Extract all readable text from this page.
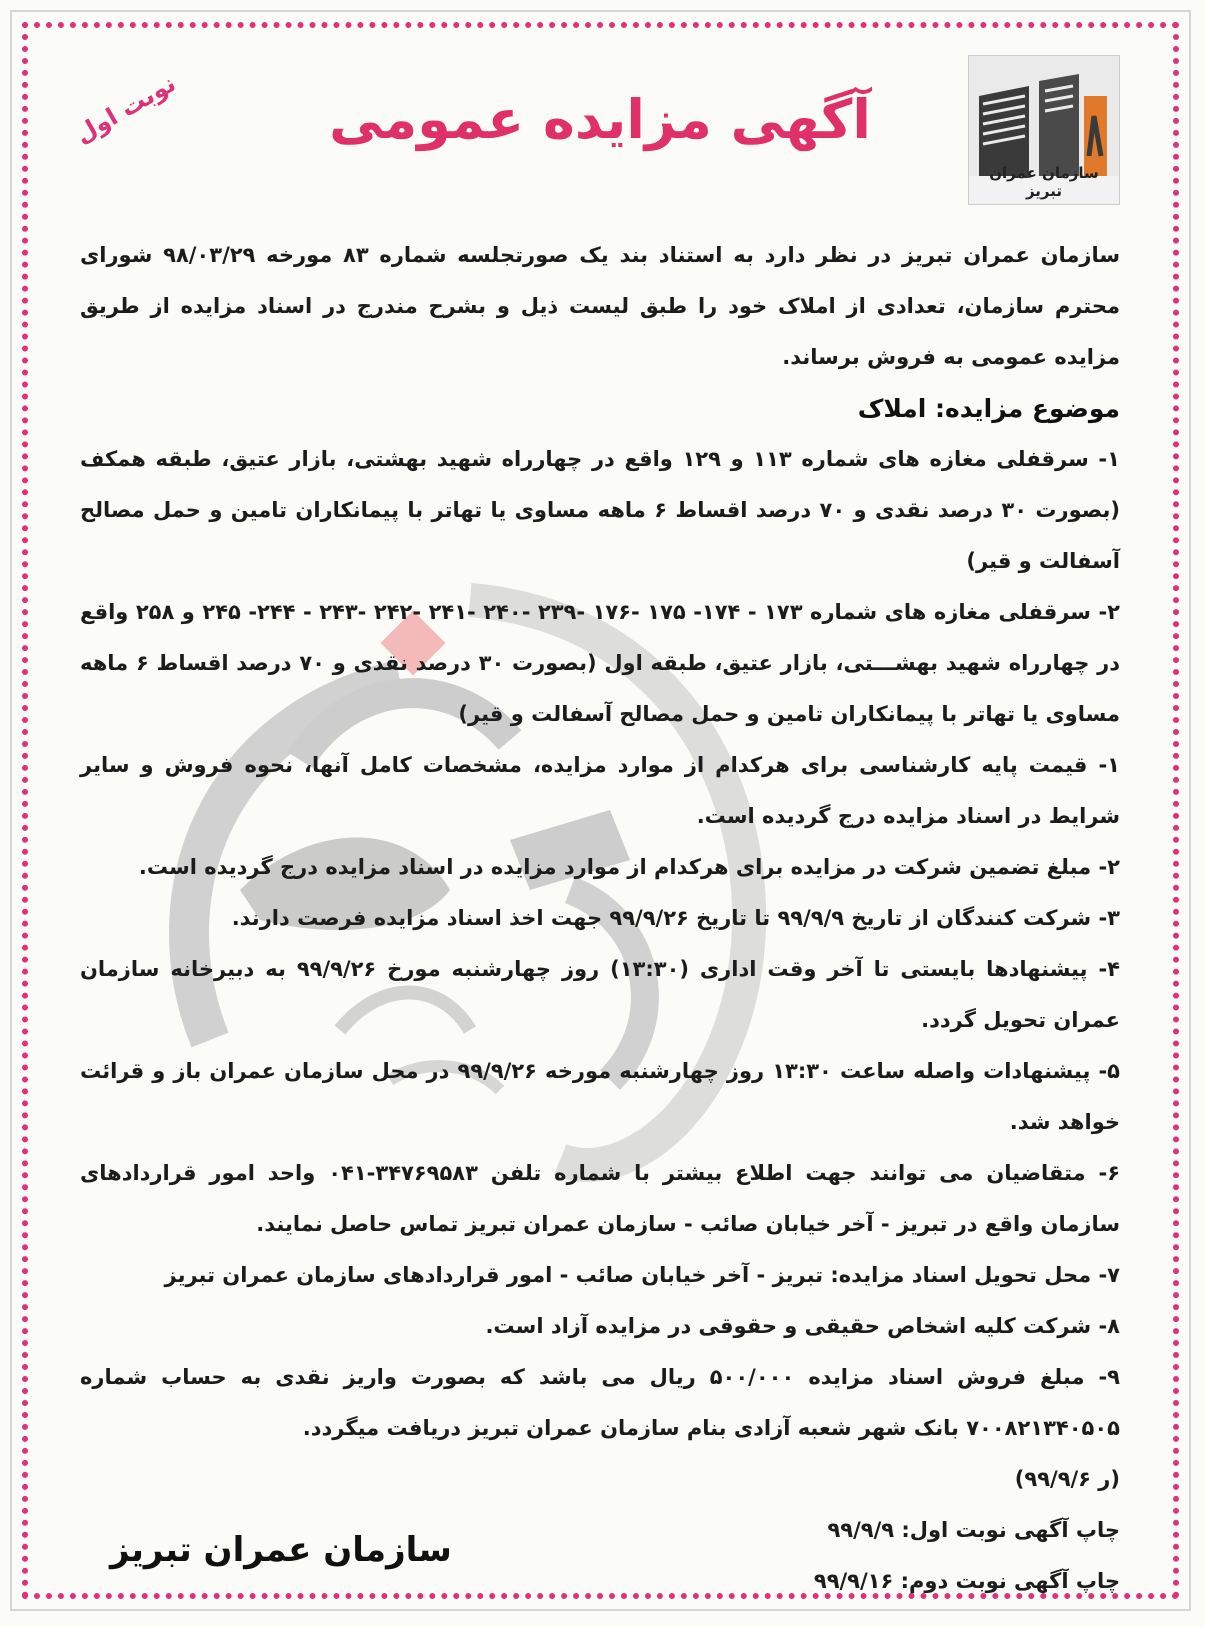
سازمان عمران تبریز
آگهی مزایده عمومی
نوبت اول

سازمان عمران تبریز در نظر دارد به استناد بند یک صورتجلسه شماره ۸۳ مورخه ۹۸/۰۳/۲۹ شورای محترم سازمان، تعدادی از املاک خود را طبق لیست ذیل و بشرح مندرج در اسناد مزایده از طریق مزایده عمومی به فروش برساند.

موضوع مزایده: املاک

۱- سرقفلی مغازه های شماره ۱۱۳ و ۱۲۹ واقع در چهارراه شهید بهشتی، بازار عتیق، طبقه همکف (بصورت ۳۰ درصد نقدی و ۷۰ درصد اقساط ۶ ماهه مساوی یا تهاتر با پیمانکاران تامین و حمل مصالح آسفالت و قیر)

۲- سرقفلی مغازه های شماره ۱۷۳ - ۱۷۴- ۱۷۵ -۱۷۶ -۲۳۹ -۲۴۰ -۲۴۱ -۲۴۲ -۲۴۳ - ۲۴۴- ۲۴۵ و ۲۵۸ واقع در چهارراه شهید بهشـــتی، بازار عتیق، طبقه اول (بصورت ۳۰ درصد نقدی و ۷۰ درصد اقساط ۶ ماهه مساوی یا تهاتر با پیمانکاران تامین و حمل مصالح آسفالت و قیر)

۱- قیمت پایه کارشناسی برای هرکدام از موارد مزایده، مشخصات کامل آنها، نحوه فروش و سایر شرایط در اسناد مزایده درج گردیده است.

۲- مبلغ تضمین شرکت در مزایده برای هرکدام از موارد مزایده در اسناد مزایده درج گردیده است.

۳- شرکت کنندگان از تاریخ ۹۹/۹/۹ تا تاریخ ۹۹/۹/۲۶ جهت اخذ اسناد مزایده فرصت دارند.

۴- پیشنهادها بایستی تا آخر وقت اداری (۱۳:۳۰) روز چهارشنبه مورخ ۹۹/۹/۲۶ به دبیرخانه سازمان عمران تحویل گردد.

۵- پیشنهادات واصله ساعت ۱۳:۳۰ روز چهارشنبه مورخه ۹۹/۹/۲۶ در محل سازمان عمران باز و قرائت خواهد شد.

۶- متقاضیان می توانند جهت اطلاع بیشتر با شماره تلفن ۳۴۷۶۹۵۸۳-۰۴۱ واحد امور قراردادهای سازمان واقع در تبریز - آخر خیابان صائب - سازمان عمران تبریز تماس حاصل نمایند.

۷- محل تحویل اسناد مزایده: تبریز - آخر خیابان صائب - امور قراردادهای سازمان عمران تبریز

۸- شرکت کلیه اشخاص حقیقی و حقوقی در مزایده آزاد است.

۹- مبلغ فروش اسناد مزایده ۵۰۰/۰۰۰ ریال می باشد که بصورت واریز نقدی به حساب شماره ۷۰۰۸۲۱۳۴۰۵۰۵ بانک شهر شعبه آزادی بنام سازمان عمران تبریز دریافت میگردد.

(ر ۹۹/۹/۶)

چاپ آگهی نوبت اول: ۹۹/۹/۹

چاپ آگهی نوبت دوم: ۹۹/۹/۱۶

سازمان عمران تبریز
